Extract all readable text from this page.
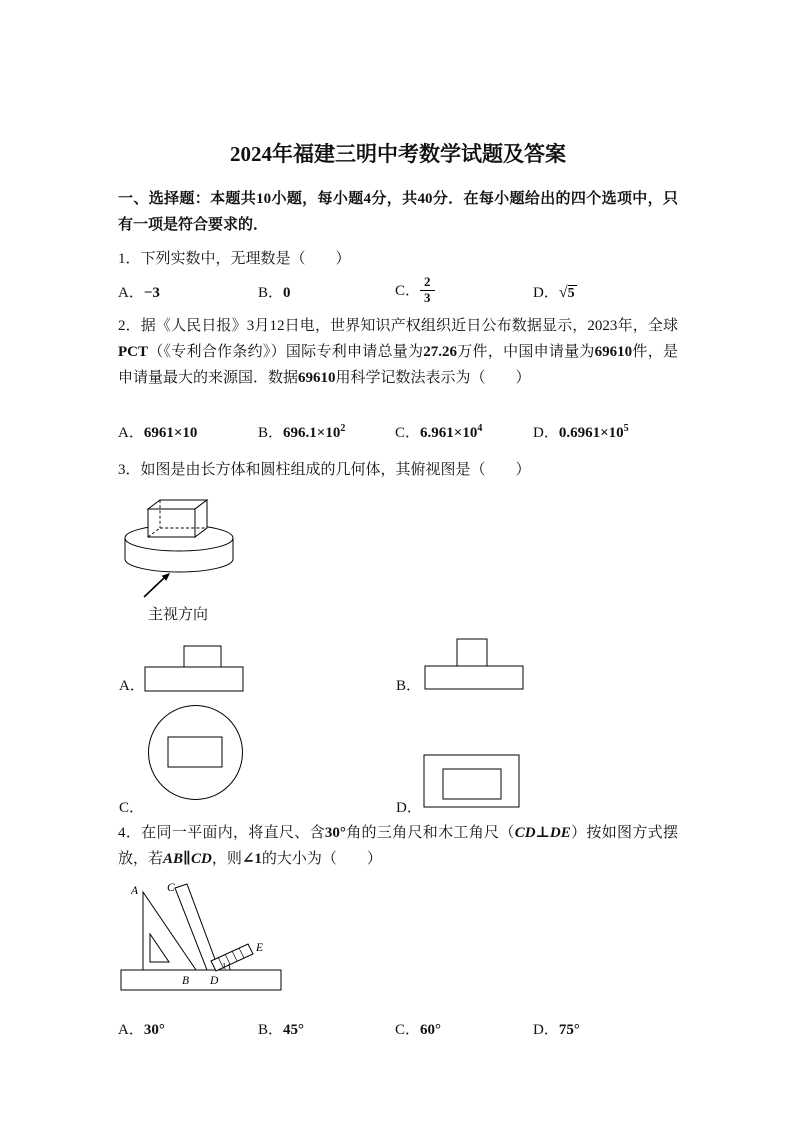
2024年福建三明中考数学试题及答案

一、选择题：本题共10小题，每小题4分，共40分．在每小题给出的四个选项中，只有一项是符合要求的．

1．下列实数中，无理数是（　　）

A．−3	B．0	C． $\frac{2}{3}$	D．√5

2．据《人民日报》3月12日电，世界知识产权组织近日公布数据显示，2023年，全球PCT（《专利合作条约》）国际专利申请总量为27.26万件，中国申请量为69610件，是申请量最大的来源国．数据69610用科学记数法表示为（　　）

A．6961×10	B．$696.1\times 10^2$	C．$6.961\times 10^4$	D．$0.6961\times 10^5$

3．如图是由长方体和圆柱组成的几何体，其俯视图是（　　）

主视方向
A．	B．
C．	D．

4．在同一平面内，将直尺、含30°角的三角尺和木工角尺（CD⊥DE）按如图方式摆放，若AB∥CD，则∠1的大小为（　　）

1
A	C
B D
E
A．30°	B．45°	C．60°	D．75°
